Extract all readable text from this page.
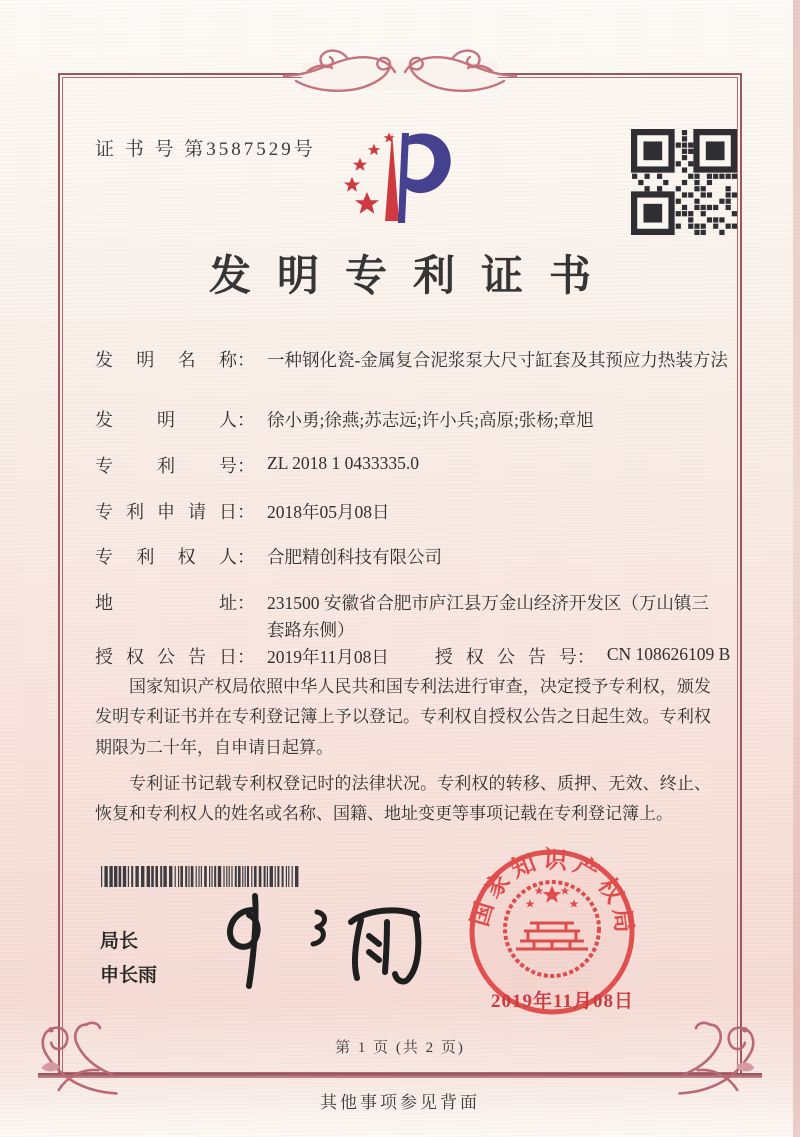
证 书 号 第3587529号
发明专利证书
发明名称 ： 一种钢化瓷-金属复合泥浆泵大尺寸缸套及其预应力热装方法
发明人 ： 徐小勇;徐燕;苏志远;许小兵;高原;张杨;章旭
专利号 ： ZL 2018 1 0433335.0
专利申请日 ： 2018年05月08日
专利权人 ： 合肥精创科技有限公司
地址 ： 231500 安徽省合肥市庐江县万金山经济开发区（万山镇三套路东侧）
授权公告日 ： 2019年11月08日	授权公告号 ： CN 108626109 B

国家知识产权局依照中华人民共和国专利法进行审查，决定授予专利权，颁发发明专利证书并在专利登记簿上予以登记。专利权自授权公告之日起生效。专利权期限为二十年，自申请日起算。

专利证书记载专利权登记时的法律状况。专利权的转移、质押、无效、终止、恢复和专利权人的姓名或名称、国籍、地址变更等事项记载在专利登记簿上。

局长
申长雨
国家知识产权局
2019年11月08日
第 1 页 (共 2 页)
其他事项参见背面
